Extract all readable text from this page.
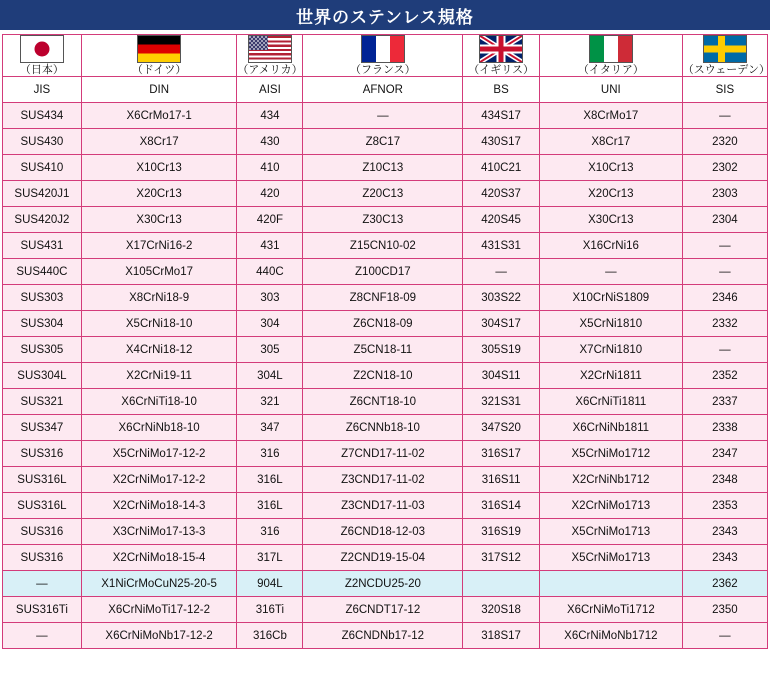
世界のステンレス規格
（日本）	（ドイツ）	（アメリカ）	（フランス）	（イギリス）	（イタリア）	（スウェーデン）

JIS	DIN	AISI	AFNOR	BS	UNI	SIS
SUS434	X6CrMo17-1	434	—	434S17	X8CrMo17	—
SUS430	X8Cr17	430	Z8C17	430S17	X8Cr17	2320
SUS410	X10Cr13	410	Z10C13	410C21	X10Cr13	2302
SUS420J1	X20Cr13	420	Z20C13	420S37	X20Cr13	2303
SUS420J2	X30Cr13	420F	Z30C13	420S45	X30Cr13	2304
SUS431	X17CrNi16-2	431	Z15CN10-02	431S31	X16CrNi16	—
SUS440C	X105CrMo17	440C	Z100CD17	—	—	—
SUS303	X8CrNi18-9	303	Z8CNF18-09	303S22	X10CrNiS1809	2346
SUS304	X5CrNi18-10	304	Z6CN18-09	304S17	X5CrNi1810	2332
SUS305	X4CrNi18-12	305	Z5CN18-11	305S19	X7CrNi1810	—
SUS304L	X2CrNi19-11	304L	Z2CN18-10	304S11	X2CrNi1811	2352
SUS321	X6CrNiTi18-10	321	Z6CNT18-10	321S31	X6CrNiTi1811	2337
SUS347	X6CrNiNb18-10	347	Z6CNNb18-10	347S20	X6CrNiNb1811	2338
SUS316	X5CrNiMo17-12-2	316	Z7CND17-11-02	316S17	X5CrNiMo1712	2347
SUS316L	X2CrNiMo17-12-2	316L	Z3CND17-11-02	316S11	X2CrNiNb1712	2348
SUS316L	X2CrNiMo18-14-3	316L	Z3CND17-11-03	316S14	X2CrNiMo1713	2353
SUS316	X3CrNiMo17-13-3	316	Z6CND18-12-03	316S19	X5CrNiMo1713	2343
SUS316	X2CrNiMo18-15-4	317L	Z2CND19-15-04	317S12	X5CrNiMo1713	2343
—	X1NiCrMoCuN25-20-5	904L	Z2NCDU25-20			2362
SUS316Ti	X6CrNiMoTi17-12-2	316Ti	Z6CNDT17-12	320S18	X6CrNiMoTi1712	2350
—	X6CrNiMoNb17-12-2	316Cb	Z6CNDNb17-12	318S17	X6CrNiMoNb1712	—
